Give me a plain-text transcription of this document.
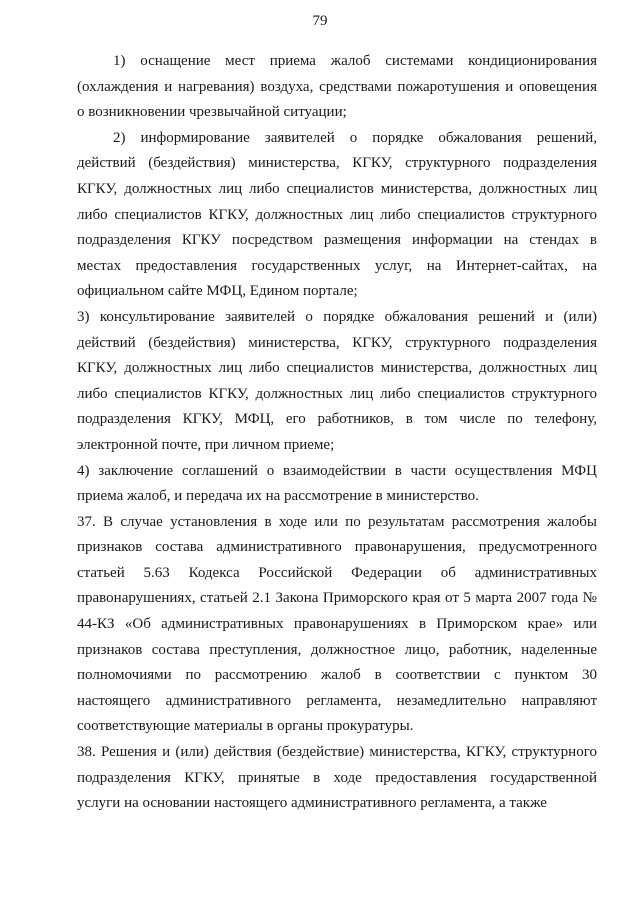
79
1) оснащение мест приема жалоб системами кондиционирования
(охлаждения и нагревания) воздуха, средствами пожаротушения и оповещения
о возникновении чрезвычайной ситуации;
2) информирование заявителей о порядке обжалования решений,
действий (бездействия) министерства, КГКУ, структурного подразделения
КГКУ, должностных лиц либо специалистов министерства, должностных лиц
либо специалистов КГКУ, должностных лиц либо специалистов структурного
подразделения КГКУ посредством размещения информации на стендах в
местах предоставления государственных услуг, на Интернет-сайтах, на
официальном сайте МФЦ, Едином портале;
3) консультирование заявителей о порядке обжалования решений и (или)
действий (бездействия) министерства, КГКУ, структурного подразделения
КГКУ, должностных лиц либо специалистов министерства, должностных лиц
либо специалистов КГКУ, должностных лиц либо специалистов структурного
подразделения КГКУ, МФЦ, его работников, в том числе по телефону,
электронной почте, при личном приеме;
4) заключение соглашений о взаимодействии в части осуществления МФЦ
приема жалоб, и передача их на рассмотрение в министерство.
37. В случае установления в ходе или по результатам рассмотрения жалобы
признаков состава административного правонарушения, предусмотренного
статьей 5.63 Кодекса Российской Федерации об административных
правонарушениях, статьей 2.1 Закона Приморского края от 5 марта 2007 года №
44-КЗ «Об административных правонарушениях в Приморском крае» или
признаков состава преступления, должностное лицо, работник, наделенные
полномочиями по рассмотрению жалоб в соответствии с пунктом 30
настоящего административного регламента, незамедлительно направляют
соответствующие материалы в органы прокуратуры.
38. Решения и (или) действия (бездействие) министерства, КГКУ, структурного
подразделения КГКУ, принятые в ходе предоставления государственной
услуги на основании настоящего административного регламента, а также
